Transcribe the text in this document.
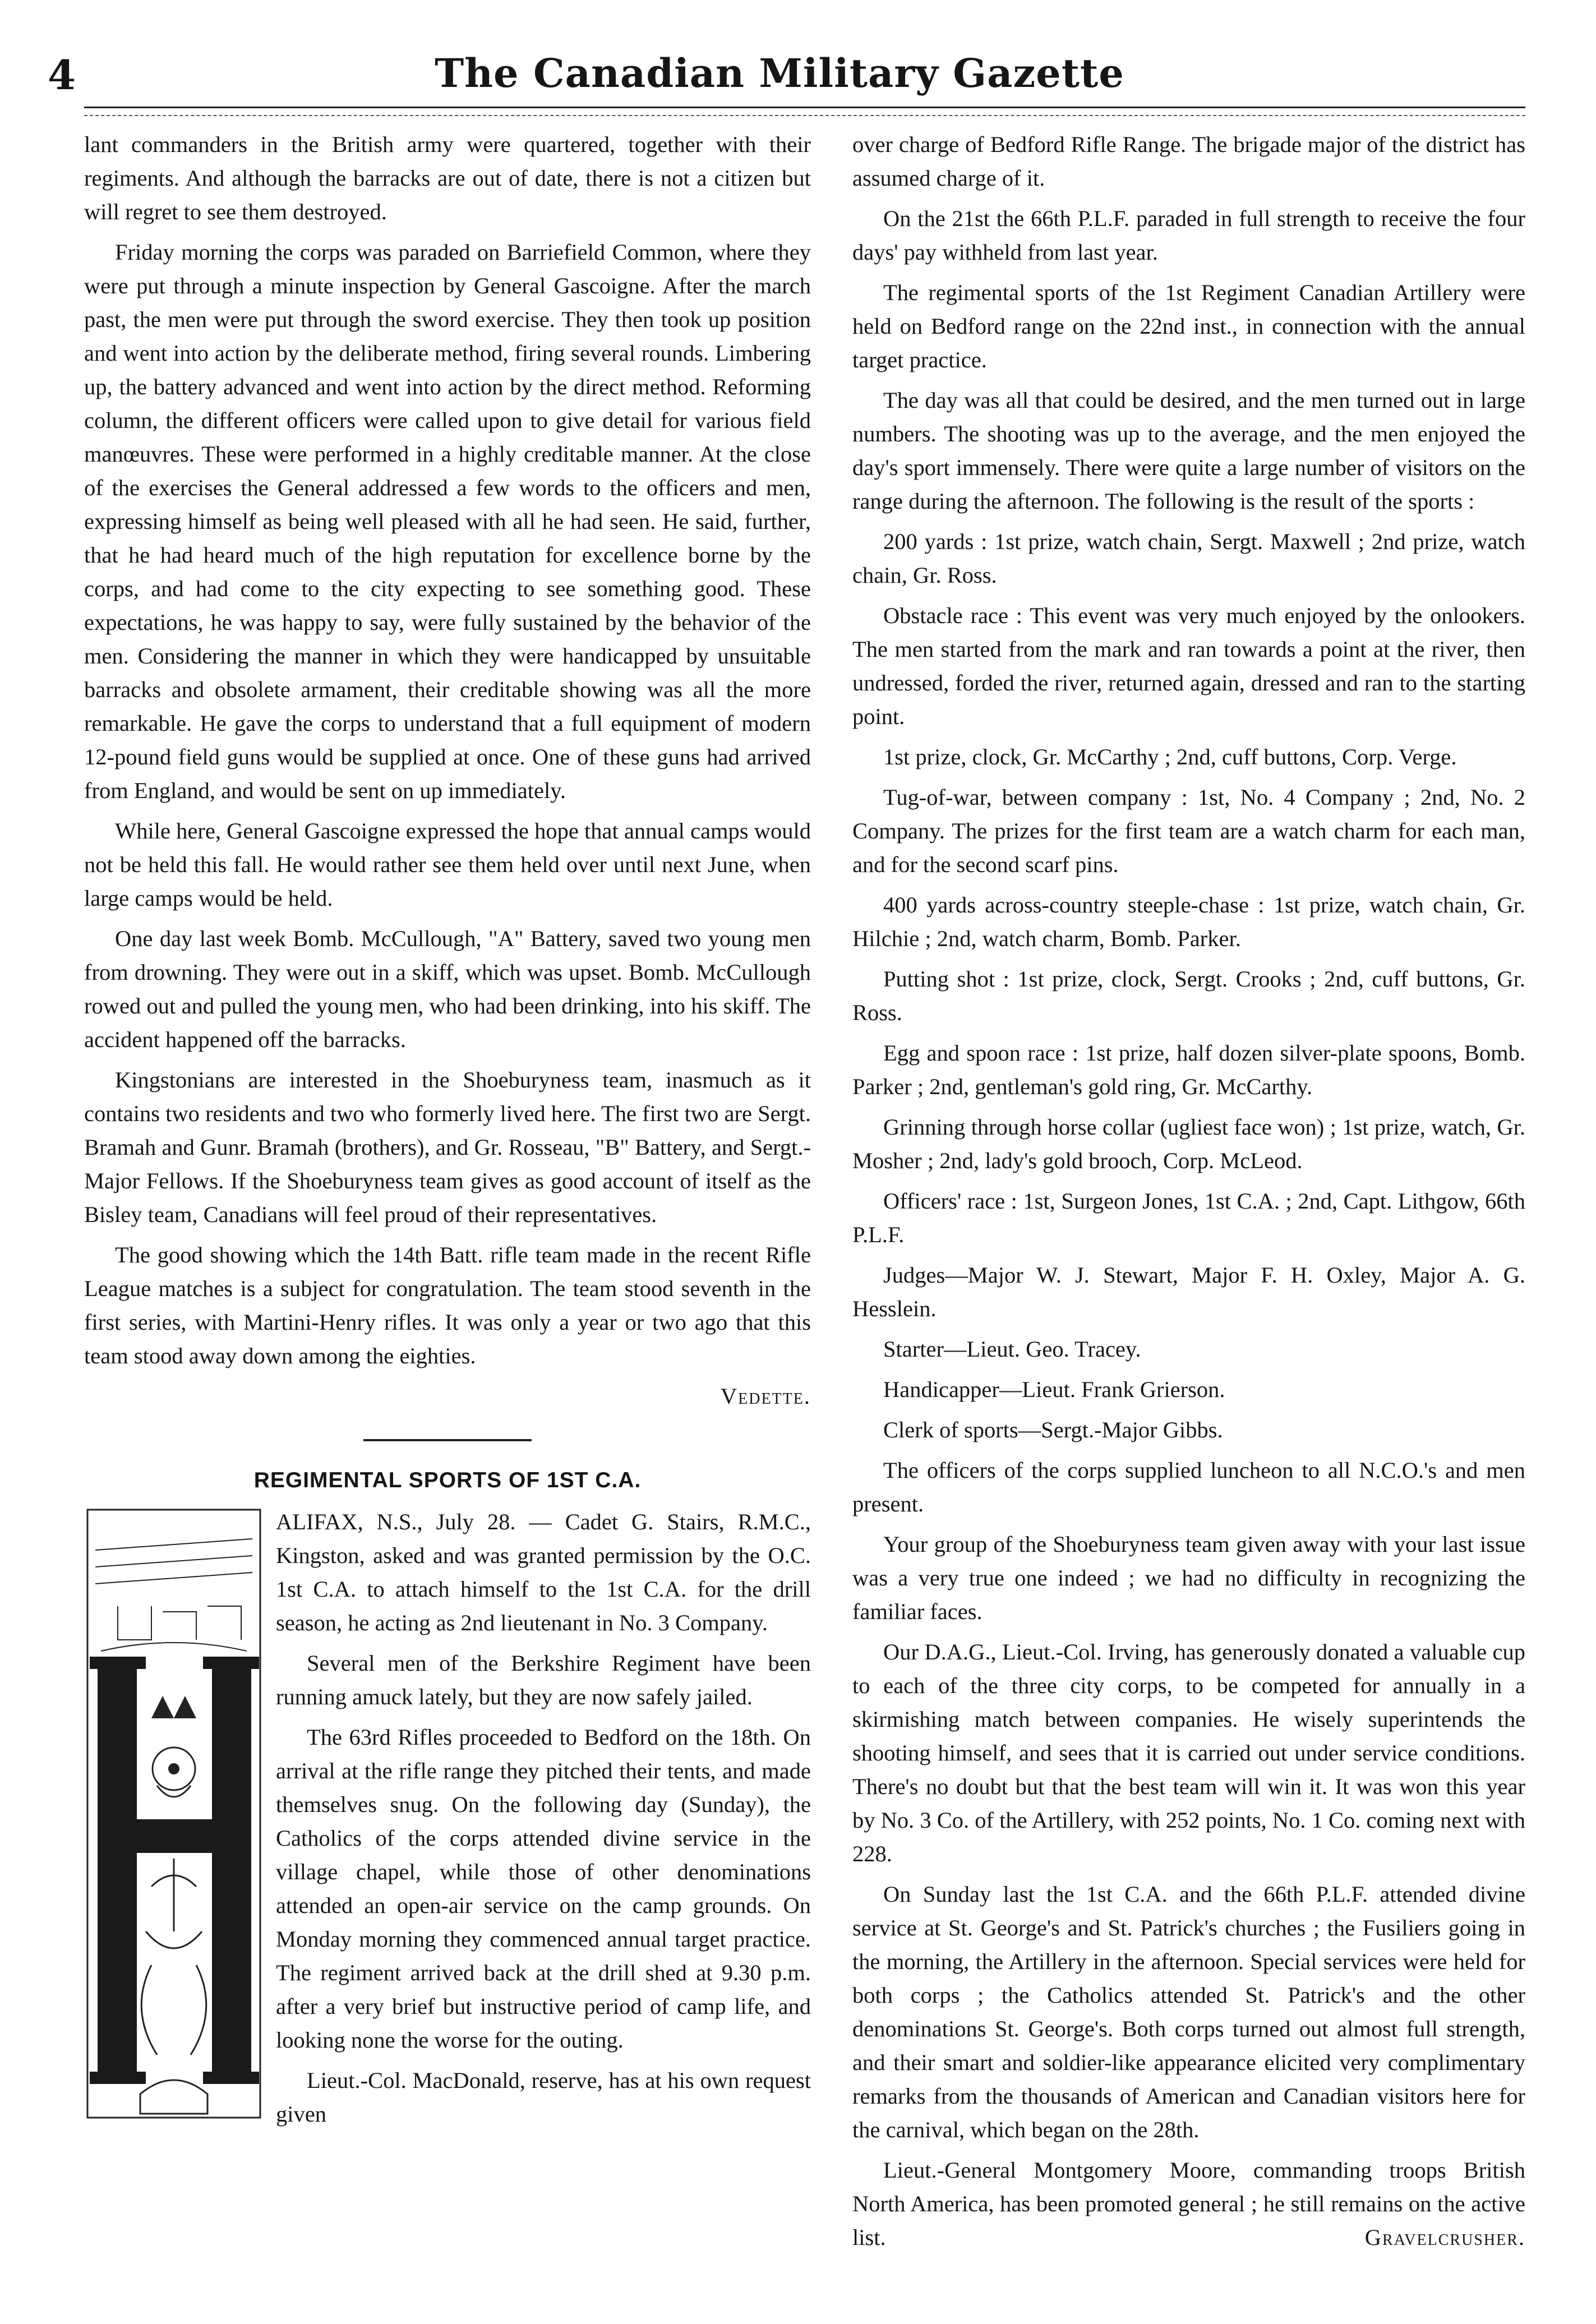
4	The Canadian Military Gazette

lant commanders in the British army were quartered, together with their regiments. And although the barracks are out of date, there is not a citizen but will regret to see them destroyed.

Friday morning the corps was paraded on Barriefield Common, where they were put through a minute inspection by General Gascoigne. After the march past, the men were put through the sword exercise. They then took up position and went into action by the deliberate method, firing several rounds. Limbering up, the battery advanced and went into action by the direct method. Reforming column, the different officers were called upon to give detail for various field manœuvres. These were performed in a highly creditable manner. At the close of the exercises the General addressed a few words to the officers and men, expressing himself as being well pleased with all he had seen. He said, further, that he had heard much of the high reputation for excellence borne by the corps, and had come to the city expecting to see something good. These expectations, he was happy to say, were fully sustained by the behavior of the men. Considering the manner in which they were handicapped by unsuitable barracks and obsolete armament, their creditable showing was all the more remarkable. He gave the corps to understand that a full equipment of modern 12-pound field guns would be supplied at once. One of these guns had arrived from England, and would be sent on up immediately.

While here, General Gascoigne expressed the hope that annual camps would not be held this fall. He would rather see them held over until next June, when large camps would be held.

One day last week Bomb. McCullough, "A" Battery, saved two young men from drowning. They were out in a skiff, which was upset. Bomb. McCullough rowed out and pulled the young men, who had been drinking, into his skiff. The accident happened off the barracks.

Kingstonians are interested in the Shoeburyness team, inasmuch as it contains two residents and two who formerly lived here. The first two are Sergt. Bramah and Gunr. Bramah (brothers), and Gr. Rosseau, "B" Battery, and Sergt.-Major Fellows. If the Shoeburyness team gives as good account of itself as the Bisley team, Canadians will feel proud of their representatives.

The good showing which the 14th Batt. rifle team made in the recent Rifle League matches is a subject for congratulation. The team stood seventh in the first series, with Martini-Henry rifles. It was only a year or two ago that this team stood away down among the eighties.

Vedette.
REGIMENTAL SPORTS OF 1ST C.A.

ALIFAX, N.S., July 28. — Cadet G. Stairs, R.M.C., Kingston, asked and was granted permission by the O.C. 1st C.A. to attach himself to the 1st C.A. for the drill season, he acting as 2nd lieutenant in No. 3 Company.

Several men of the Berkshire Regiment have been running amuck lately, but they are now safely jailed.

The 63rd Rifles proceeded to Bedford on the 18th. On arrival at the rifle range they pitched their tents, and made themselves snug. On the following day (Sunday), the Catholics of the corps attended divine service in the village chapel, while those of other denominations attended an open-air service on the camp grounds. On Monday morning they commenced annual target practice. The regiment arrived back at the drill shed at 9.30 p.m. after a very brief but instructive period of camp life, and looking none the worse for the outing.

Lieut.-Col. MacDonald, reserve, has at his own request given

over charge of Bedford Rifle Range. The brigade major of the district has assumed charge of it.

On the 21st the 66th P.L.F. paraded in full strength to receive the four days' pay withheld from last year.

The regimental sports of the 1st Regiment Canadian Artillery were held on Bedford range on the 22nd inst., in connection with the annual target practice.

The day was all that could be desired, and the men turned out in large numbers. The shooting was up to the average, and the men enjoyed the day's sport immensely. There were quite a large number of visitors on the range during the afternoon. The following is the result of the sports :

200 yards : 1st prize, watch chain, Sergt. Maxwell ; 2nd prize, watch chain, Gr. Ross.

Obstacle race : This event was very much enjoyed by the onlookers. The men started from the mark and ran towards a point at the river, then undressed, forded the river, returned again, dressed and ran to the starting point.

1st prize, clock, Gr. McCarthy ; 2nd, cuff buttons, Corp. Verge.

Tug-of-war, between company : 1st, No. 4 Company ; 2nd, No. 2 Company. The prizes for the first team are a watch charm for each man, and for the second scarf pins.

400 yards across-country steeple-chase : 1st prize, watch chain, Gr. Hilchie ; 2nd, watch charm, Bomb. Parker.

Putting shot : 1st prize, clock, Sergt. Crooks ; 2nd, cuff buttons, Gr. Ross.

Egg and spoon race : 1st prize, half dozen silver-plate spoons, Bomb. Parker ; 2nd, gentleman's gold ring, Gr. McCarthy.

Grinning through horse collar (ugliest face won) ; 1st prize, watch, Gr. Mosher ; 2nd, lady's gold brooch, Corp. McLeod.

Officers' race : 1st, Surgeon Jones, 1st C.A. ; 2nd, Capt. Lithgow, 66th P.L.F.

Judges—Major W. J. Stewart, Major F. H. Oxley, Major A. G. Hesslein.

Starter—Lieut. Geo. Tracey.

Handicapper—Lieut. Frank Grierson.

Clerk of sports—Sergt.-Major Gibbs.

The officers of the corps supplied luncheon to all N.C.O.'s and men present.

Your group of the Shoeburyness team given away with your last issue was a very true one indeed ; we had no difficulty in recognizing the familiar faces.

Our D.A.G., Lieut.-Col. Irving, has generously donated a valuable cup to each of the three city corps, to be competed for annually in a skirmishing match between companies. He wisely superintends the shooting himself, and sees that it is carried out under service conditions. There's no doubt but that the best team will win it. It was won this year by No. 3 Co. of the Artillery, with 252 points, No. 1 Co. coming next with 228.

On Sunday last the 1st C.A. and the 66th P.L.F. attended divine service at St. George's and St. Patrick's churches ; the Fusiliers going in the morning, the Artillery in the afternoon. Special services were held for both corps ; the Catholics attended St. Patrick's and the other denominations St. George's. Both corps turned out almost full strength, and their smart and soldier-like appearance elicited very complimentary remarks from the thousands of American and Canadian visitors here for the carnival, which began on the 28th.

Lieut.-General Montgomery Moore, commanding troops British North America, has been promoted general ; he still remains on the active list.	Gravelcrusher.
